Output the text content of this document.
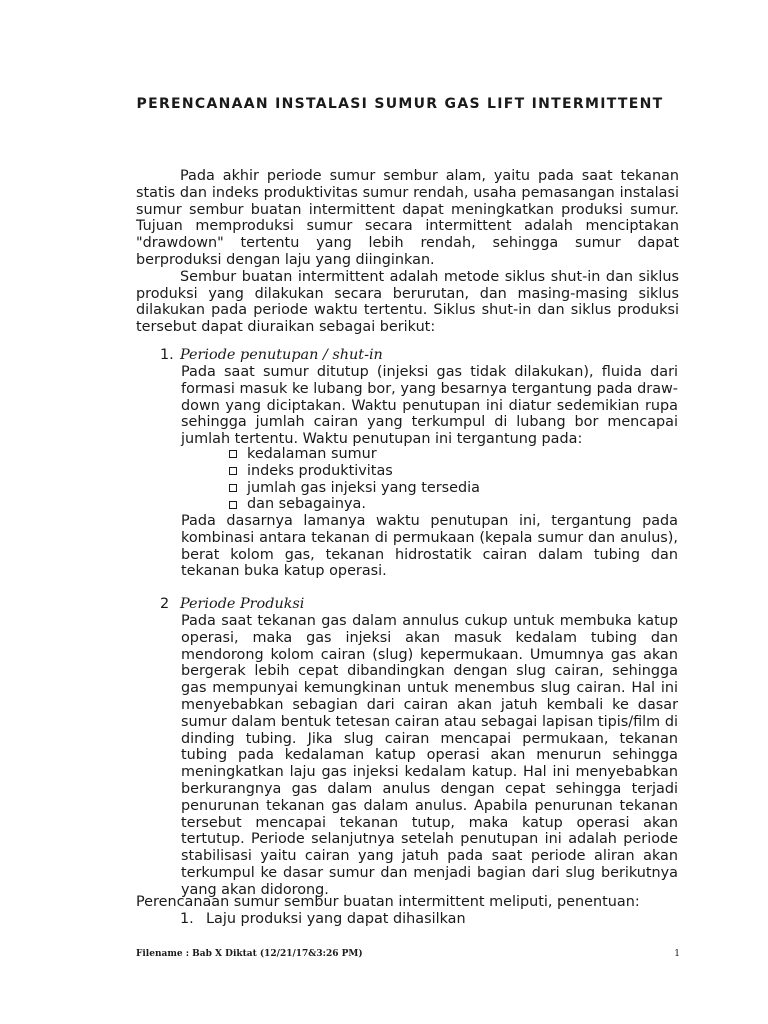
PERENCANAAN INSTALASI SUMUR GAS LIFT INTERMITTENT

Pada akhir periode sumur sembur alam, yaitu pada saat tekanan statis dan indeks produktivitas sumur rendah, usaha pemasangan instalasi sumur sembur buatan intermittent dapat meningkatkan produksi sumur. Tujuan memproduksi sumur secara intermittent adalah menciptakan "drawdown" tertentu yang lebih rendah, sehingga sumur dapat berproduksi dengan laju yang diinginkan.

Sembur buatan intermittent adalah metode siklus shut-in dan siklus produksi yang dilakukan secara berurutan, dan masing-masing siklus dilakukan pada periode waktu tertentu. Siklus shut-in dan siklus produksi tersebut dapat diuraikan sebagai berikut:

1. Periode penutupan / shut-in
Pada saat sumur ditutup (injeksi gas tidak dilakukan), fluida dari formasi masuk ke lubang bor, yang besarnya tergantung pada draw-down yang diciptakan. Waktu penutupan ini diatur sedemikian rupa sehingga jumlah cairan yang terkumpul di lubang bor mencapai jumlah tertentu. Waktu penutupan ini tergantung pada:
kedalaman sumur
indeks produktivitas
jumlah gas injeksi yang tersedia
dan sebagainya.
Pada dasarnya lamanya waktu penutupan ini, tergantung pada kombinasi antara tekanan di permukaan (kepala sumur dan anulus), berat kolom gas, tekanan hidrostatik cairan dalam tubing dan tekanan buka katup operasi.
2 Periode Produksi
Pada saat tekanan gas dalam annulus cukup untuk membuka katup operasi, maka gas injeksi akan masuk kedalam tubing dan mendorong kolom cairan (slug) kepermukaan. Umumnya gas akan bergerak lebih cepat dibandingkan dengan slug cairan, sehingga gas mempunyai kemungkinan untuk menembus slug cairan. Hal ini menyebabkan sebagian dari cairan akan jatuh kembali ke dasar sumur dalam bentuk tetesan cairan atau sebagai lapisan tipis/film di dinding tubing. Jika slug cairan mencapai permukaan, tekanan tubing pada kedalaman katup operasi akan menurun sehingga meningkatkan laju gas injeksi kedalam katup. Hal ini menyebabkan berkurangnya gas dalam anulus dengan cepat sehingga terjadi penurunan tekanan gas dalam anulus. Apabila penurunan tekanan tersebut mencapai tekanan tutup, maka katup operasi akan tertutup. Periode selanjutnya setelah penutupan ini adalah periode stabilisasi yaitu cairan yang jatuh pada saat periode aliran akan terkumpul ke dasar sumur dan menjadi bagian dari slug berikutnya yang akan didorong.
Perencanaan sumur sembur buatan intermittent meliputi, penentuan:
1. Laju produksi yang dapat dihasilkan
Filename : Bab X Diktat (12/21/17&3:26 PM)	1
